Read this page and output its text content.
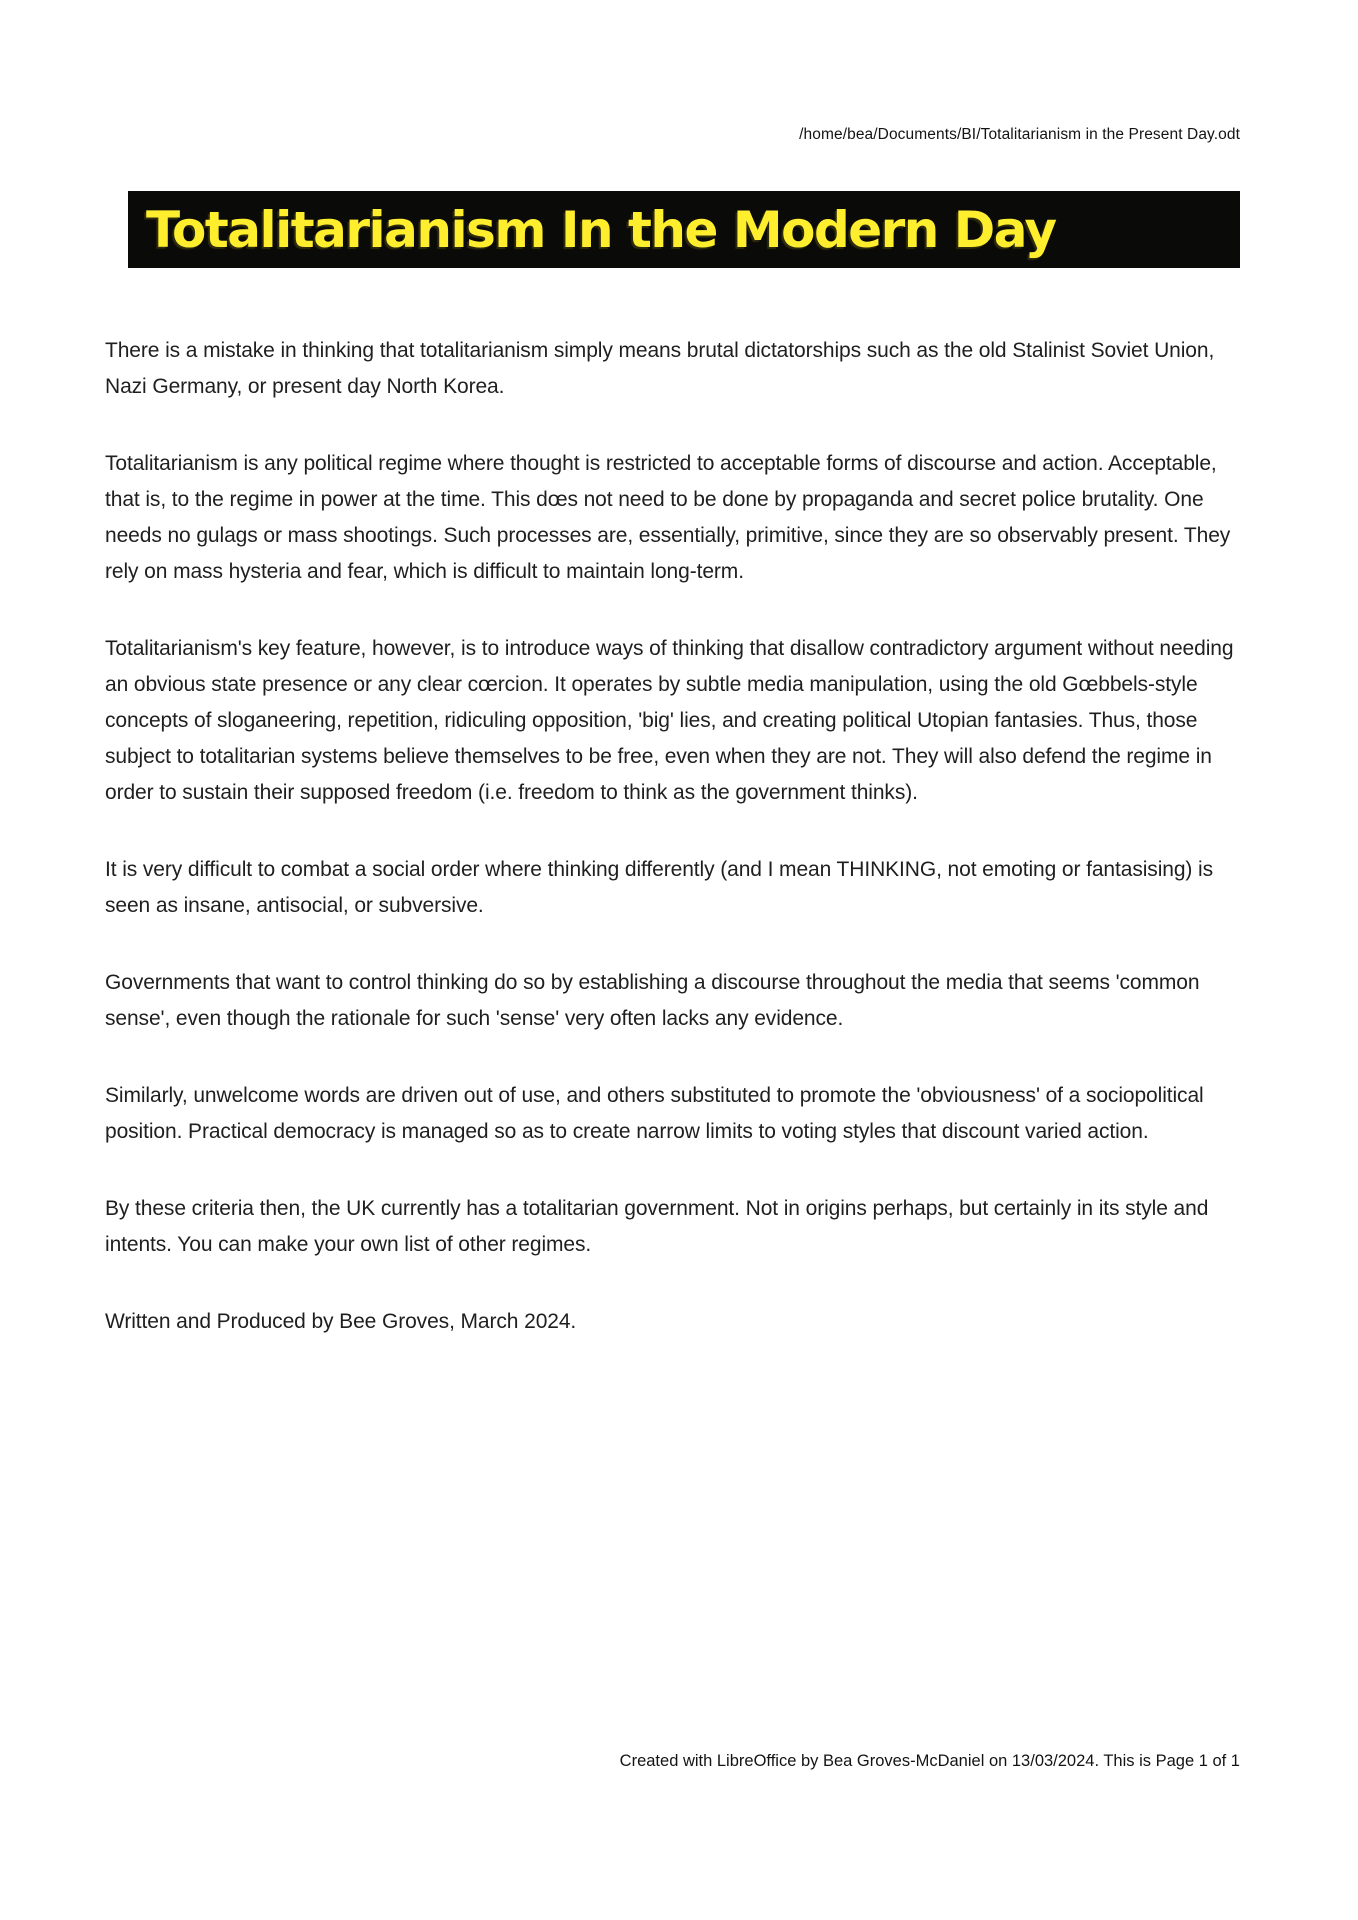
/home/bea/Documents/BI/Totalitarianism in the Present Day.odt
Totalitarianism In the Modern Day

There is a mistake in thinking that totalitarianism simply means brutal dictatorships such as the old Stalinist Soviet Union, Nazi Germany, or present day North Korea.

Totalitarianism is any political regime where thought is restricted to acceptable forms of discourse and action. Acceptable, that is, to the regime in power at the time. This dœs not need to be done by propaganda and secret police brutality. One needs no gulags or mass shootings. Such processes are, essentially, primitive, since they are so observably present. They rely on mass hysteria and fear, which is difficult to maintain long-term.

Totalitarianism's key feature, however, is to introduce ways of thinking that disallow contradictory argument without needing an obvious state presence or any clear cœrcion. It operates by subtle media manipulation, using the old Gœbbels-style concepts of sloganeering, repetition, ridiculing opposition, 'big' lies, and creating political Utopian fantasies. Thus, those subject to totalitarian systems believe themselves to be free, even when they are not. They will also defend the regime in order to sustain their supposed freedom (i.e. freedom to think as the government thinks).

It is very difficult to combat a social order where thinking differently (and I mean THINKING, not emoting or fantasising) is seen as insane, antisocial, or subversive.

Governments that want to control thinking do so by establishing a discourse throughout the media that seems 'common sense', even though the rationale for such 'sense' very often lacks any evidence.

Similarly, unwelcome words are driven out of use, and others substituted to promote the 'obviousness' of a sociopolitical position. Practical democracy is managed so as to create narrow limits to voting styles that discount varied action.

By these criteria then, the UK currently has a totalitarian government. Not in origins perhaps, but certainly in its style and intents. You can make your own list of other regimes.

Written and Produced by Bee Groves, March 2024.

Created with LibreOffice by Bea Groves-McDaniel on 13/03/2024. This is Page 1 of 1
